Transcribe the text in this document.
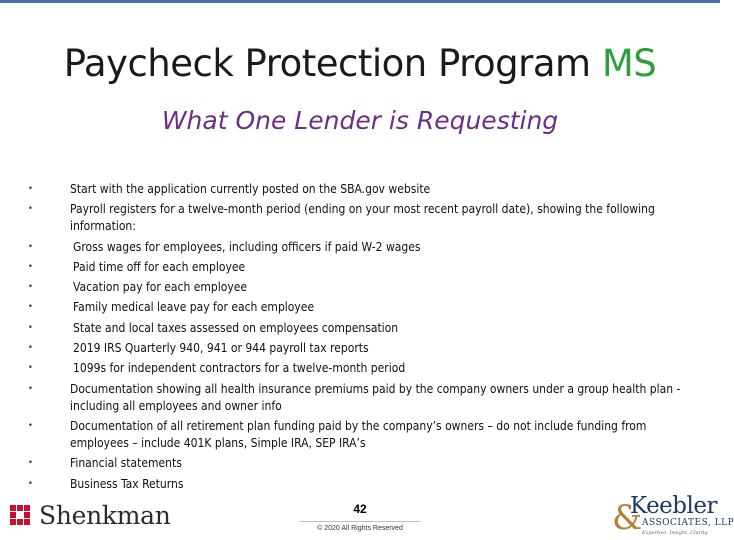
Paycheck Protection Program MS
What One Lender is Requesting
•	Start with the application currently posted on the SBA.gov website
•	Payroll registers for a twelve-month period (ending on your most recent payroll date), showing the following information:
•	Gross wages for employees, including officers if paid W-2 wages
•	Paid time off for each employee
•	Vacation pay for each employee
•	Family medical leave pay for each employee
•	State and local taxes assessed on employees compensation
•	2019 IRS Quarterly 940, 941 or 944 payroll tax reports
•	1099s for independent contractors for a twelve-month period
•	Documentation showing all health insurance premiums paid by the company owners under a group health plan -including all employees and owner info
•	Documentation of all retirement plan funding paid by the company’s owners – do not include funding from employees – include 401K plans, Simple IRA, SEP IRA’s
•	Financial statements
•	Business Tax Returns
Shenkman	42
© 2020 All Rights Reserved	&
Keebler
ASSOCIATES, LLP
Expertise. Insight. Clarity.
